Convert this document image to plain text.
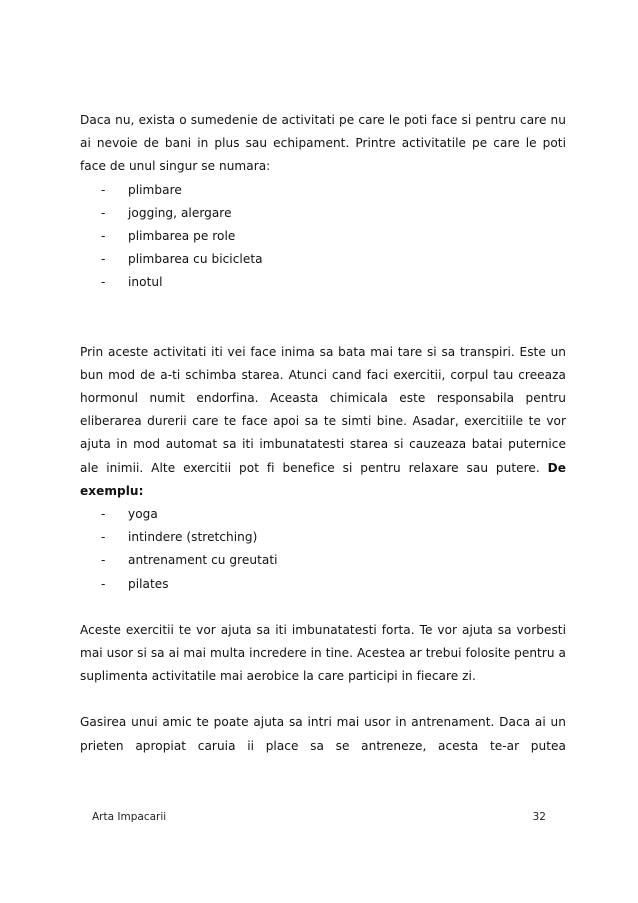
Daca nu, exista o sumedenie de activitati pe care le poti face si pentru care nu ai nevoie de bani in plus sau echipament. Printre activitatile pe care le poti face de unul singur se numara:

- plimbare
- jogging, alergare
- plimbarea pe role
- plimbarea cu bicicleta
- inotul

Prin aceste activitati iti vei face inima sa bata mai tare si sa transpiri. Este un bun mod de a-ti schimba starea. Atunci cand faci exercitii, corpul tau creeaza hormonul numit endorfina. Aceasta chimicala este responsabila pentru eliberarea durerii care te face apoi sa te simti bine. Asadar, exercitiile te vor ajuta in mod automat sa iti imbunatatesti starea si cauzeaza batai puternice ale inimii. Alte exercitii pot fi benefice si pentru relaxare sau putere. De exemplu:

- yoga
- intindere (stretching)
- antrenament cu greutati
- pilates

Aceste exercitii te vor ajuta sa iti imbunatatesti forta. Te vor ajuta sa vorbesti mai usor si sa ai mai multa incredere in tine. Acestea ar trebui folosite pentru a suplimenta activitatile mai aerobice la care participi in fiecare zi.

Gasirea unui amic te poate ajuta sa intri mai usor in antrenament. Daca ai un prieten apropiat caruia ii place sa se antreneze, acesta te-ar putea

Arta Impacarii	32
